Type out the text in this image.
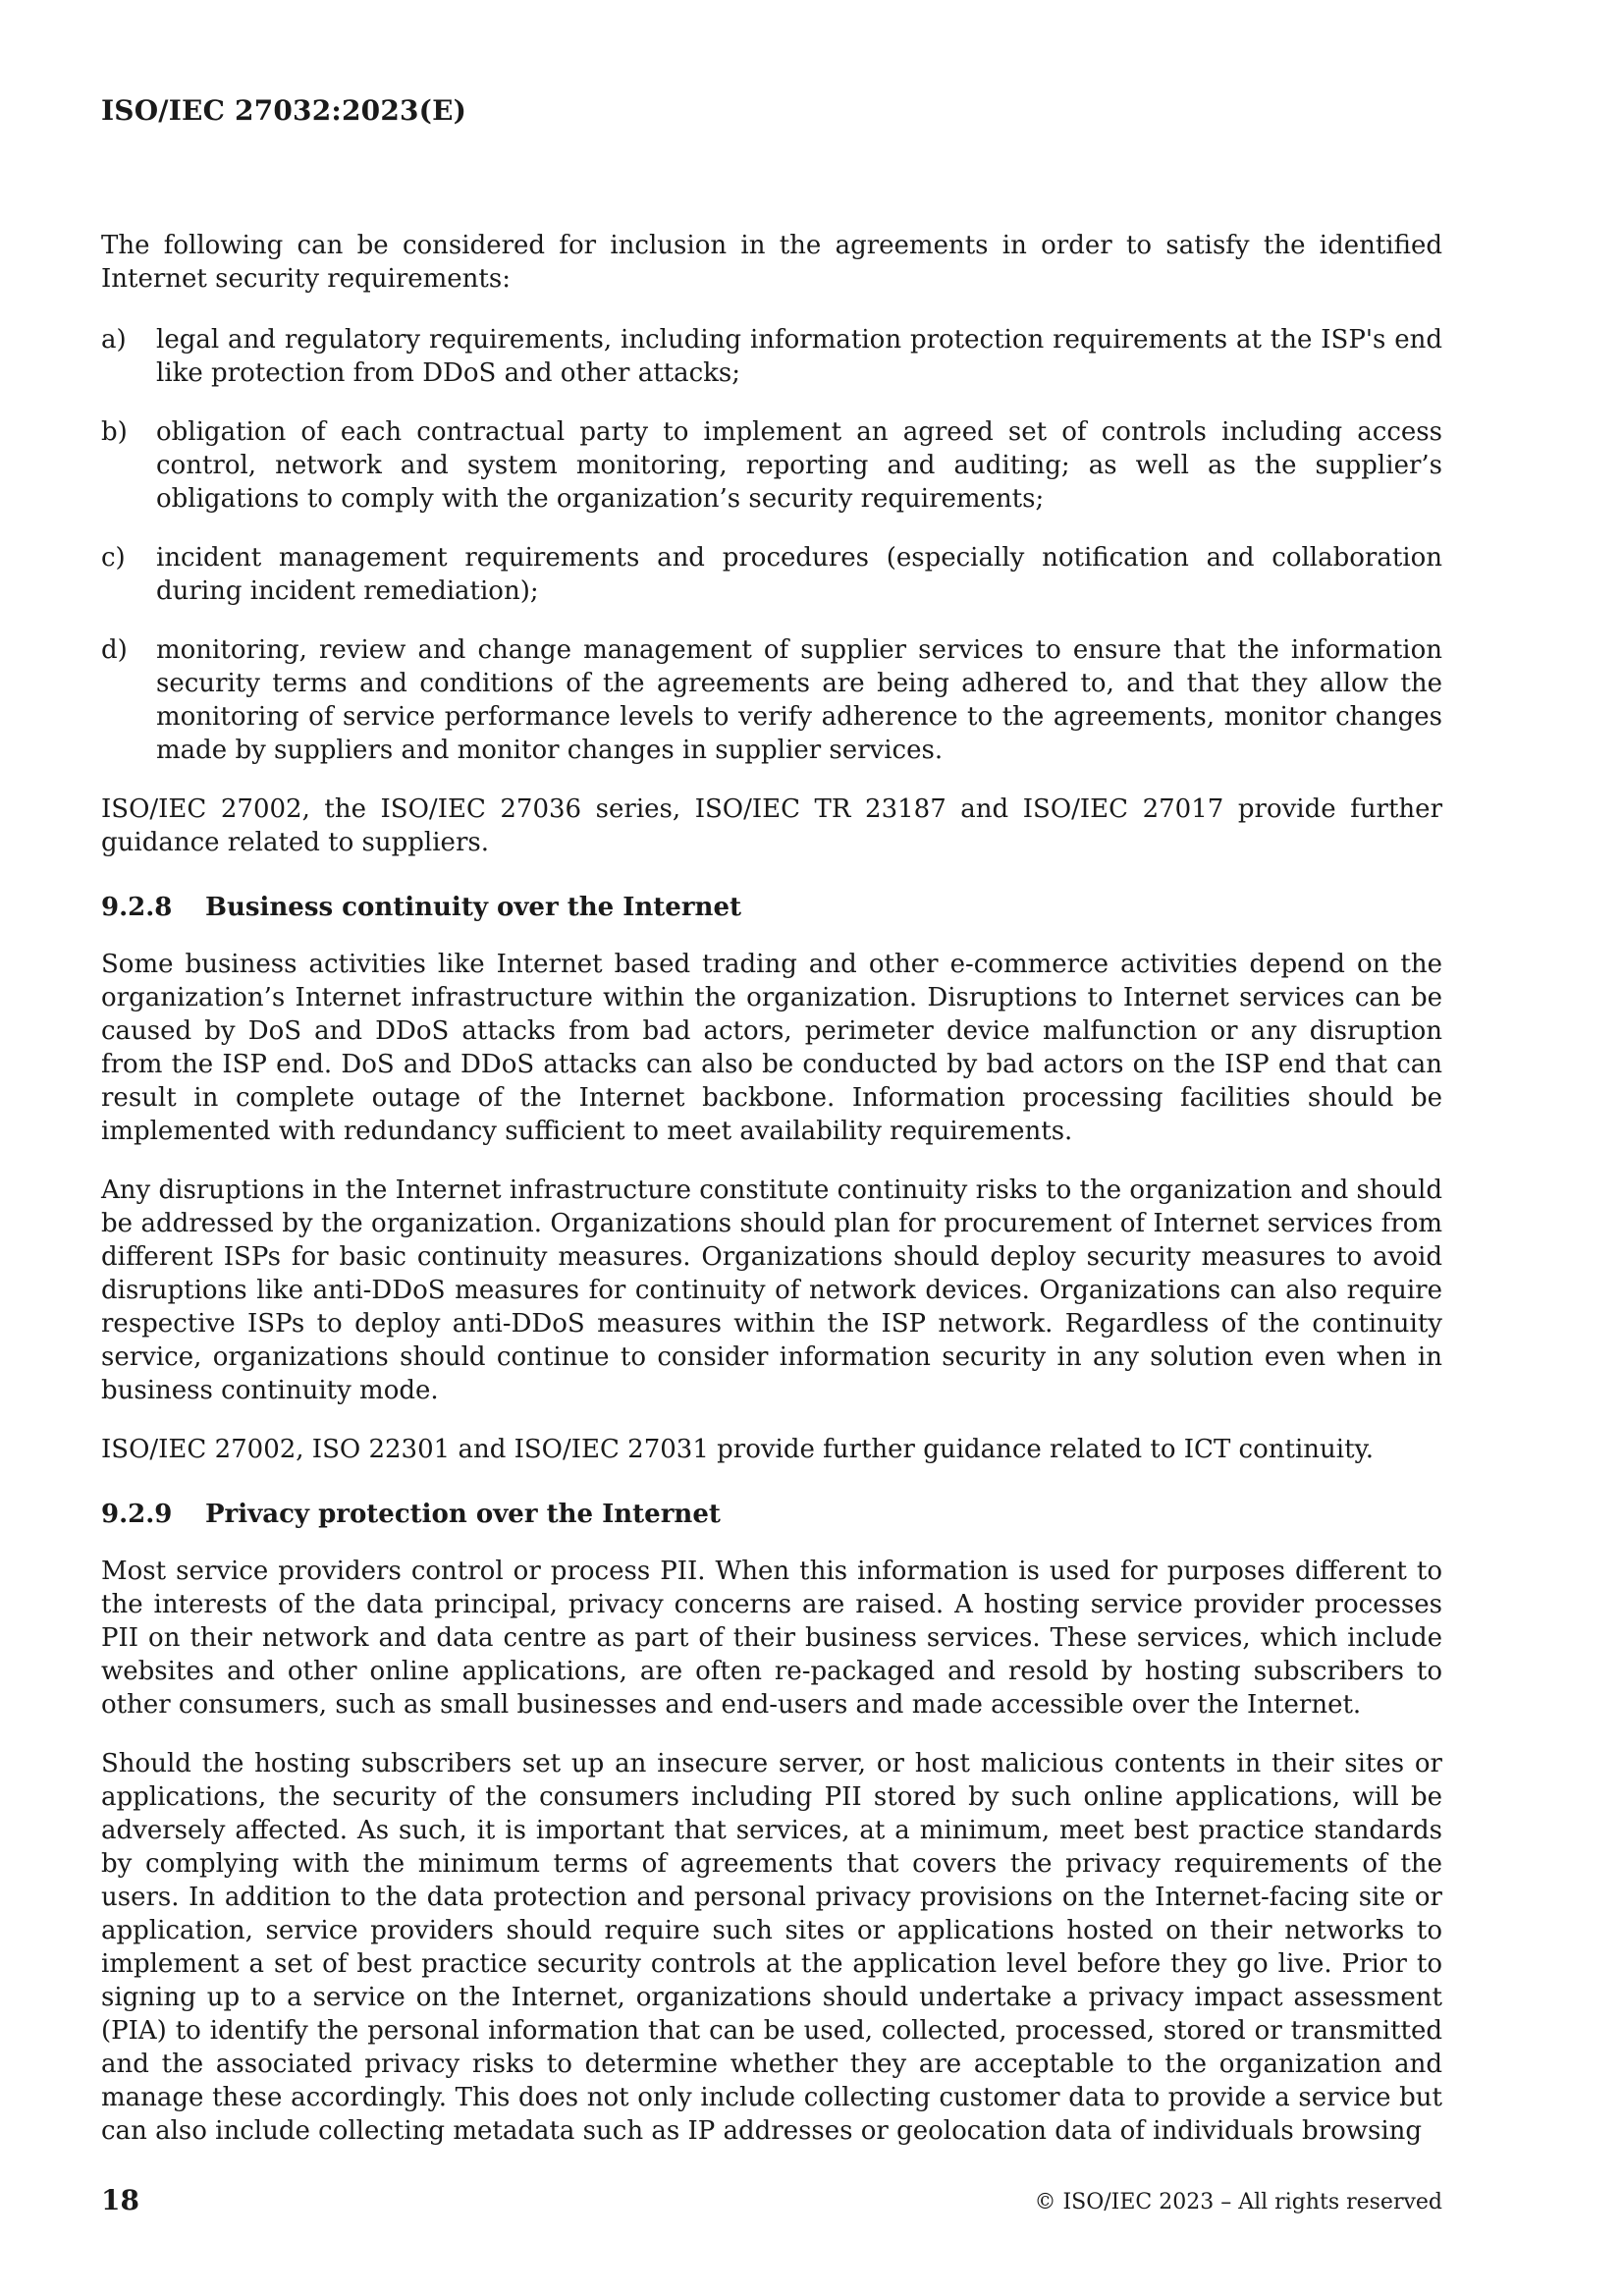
ISO/IEC 27032:2023(E)

The following can be considered for inclusion in the agreements in order to satisfy the identified Internet security requirements:

a)	legal and regulatory requirements, including information protection requirements at the ISP's end like protection from DDoS and other attacks;
b)	obligation of each contractual party to implement an agreed set of controls including access control, network and system monitoring, reporting and auditing; as well as the supplier’s obligations to comply with the organization’s security requirements;
c)	incident management requirements and procedures (especially notification and collaboration during incident remediation);
d)	monitoring, review and change management of supplier services to ensure that the information security terms and conditions of the agreements are being adhered to, and that they allow the monitoring of service performance levels to verify adherence to the agreements, monitor changes made by suppliers and monitor changes in supplier services.

ISO/IEC 27002, the ISO/IEC 27036 series, ISO/IEC TR 23187 and ISO/IEC 27017 provide further guidance related to suppliers.

9.2.8	Business continuity over the Internet

Some business activities like Internet based trading and other e-commerce activities depend on the organization’s Internet infrastructure within the organization. Disruptions to Internet services can be caused by DoS and DDoS attacks from bad actors, perimeter device malfunction or any disruption from the ISP end. DoS and DDoS attacks can also be conducted by bad actors on the ISP end that can result in complete outage of the Internet backbone. Information processing facilities should be implemented with redundancy sufficient to meet availability requirements.

Any disruptions in the Internet infrastructure constitute continuity risks to the organization and should be addressed by the organization. Organizations should plan for procurement of Internet services from different ISPs for basic continuity measures. Organizations should deploy security measures to avoid disruptions like anti-DDoS measures for continuity of network devices. Organizations can also require respective ISPs to deploy anti-DDoS measures within the ISP network. Regardless of the continuity service, organizations should continue to consider information security in any solution even when in business continuity mode.

ISO/IEC 27002, ISO 22301 and ISO/IEC 27031 provide further guidance related to ICT continuity.

9.2.9	Privacy protection over the Internet

Most service providers control or process PII. When this information is used for purposes different to the interests of the data principal, privacy concerns are raised. A hosting service provider processes PII on their network and data centre as part of their business services. These services, which include websites and other online applications, are often re-packaged and resold by hosting subscribers to other consumers, such as small businesses and end-users and made accessible over the Internet.

Should the hosting subscribers set up an insecure server, or host malicious contents in their sites or applications, the security of the consumers including PII stored by such online applications, will be adversely affected. As such, it is important that services, at a minimum, meet best practice standards by complying with the minimum terms of agreements that covers the privacy requirements of the users. In addition to the data protection and personal privacy provisions on the Internet-facing site or application, service providers should require such sites or applications hosted on their networks to implement a set of best practice security controls at the application level before they go live. Prior to signing up to a service on the Internet, organizations should undertake a privacy impact assessment (PIA) to identify the personal information that can be used, collected, processed, stored or transmitted and the associated privacy risks to determine whether they are acceptable to the organization and manage these accordingly. This does not only include collecting customer data to provide a service but can also include collecting metadata such as IP addresses or geolocation data of individuals browsing

18	© ISO/IEC 2023 – All rights reserved
